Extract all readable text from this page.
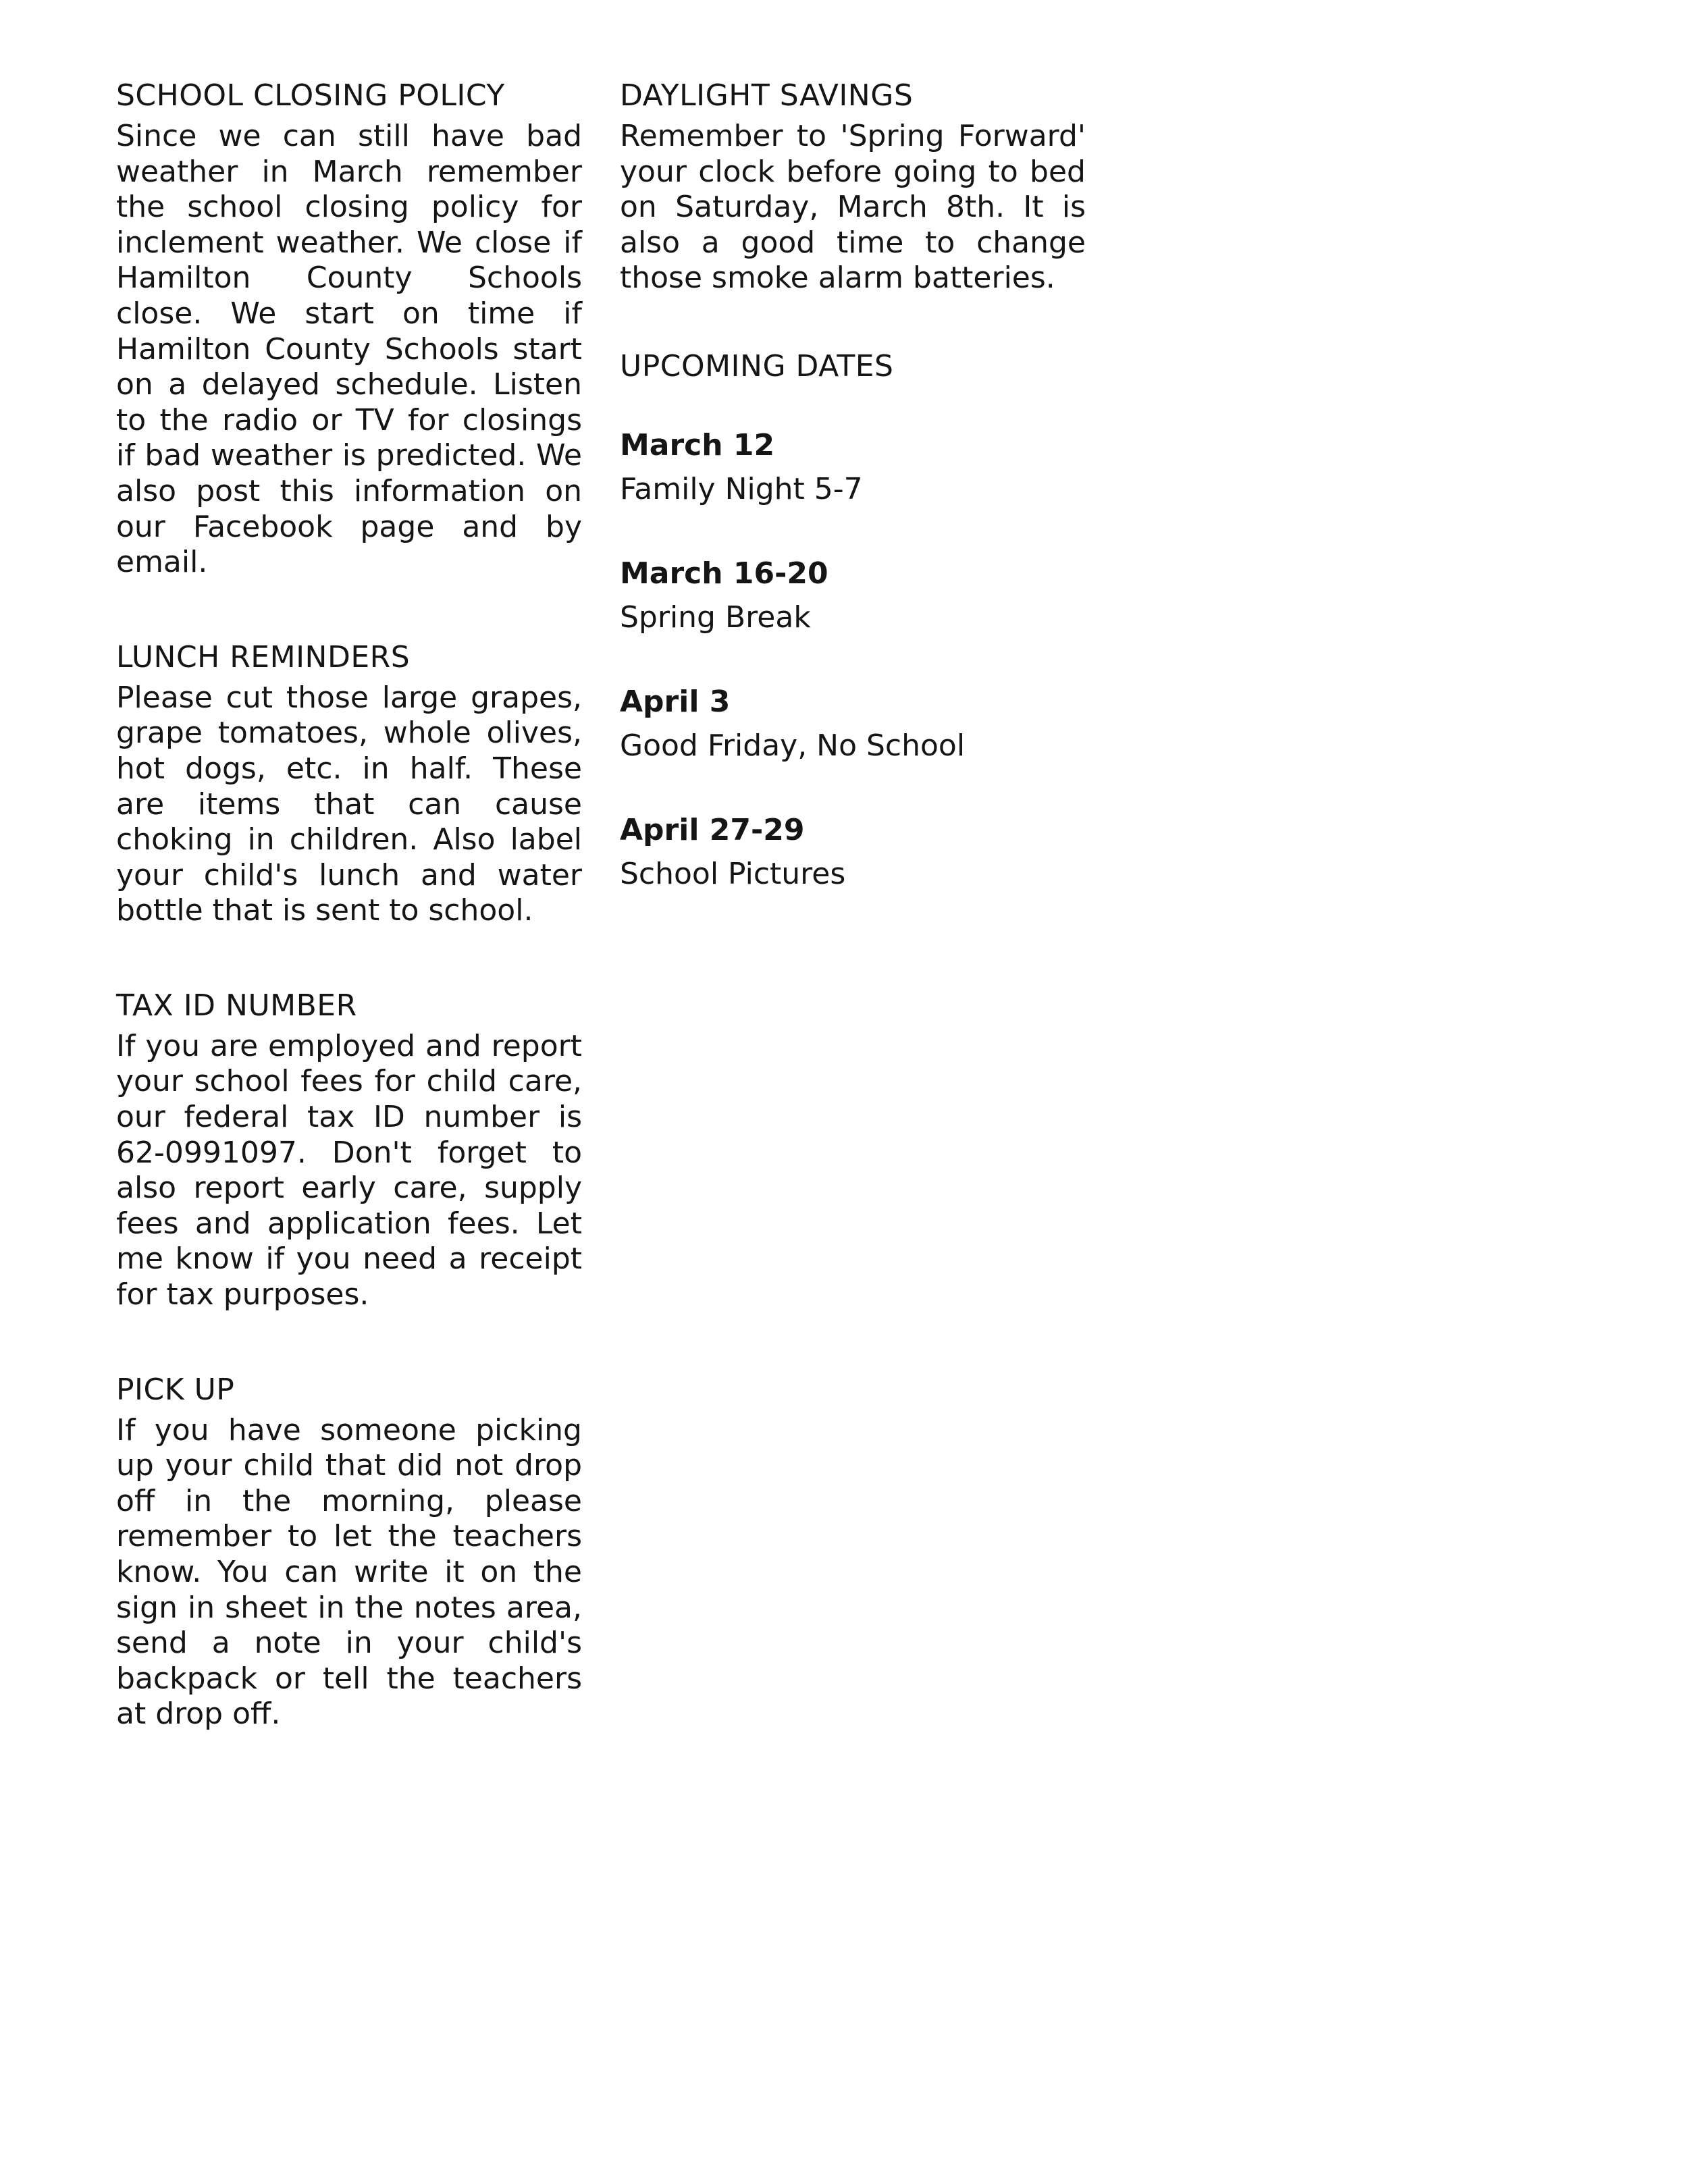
SCHOOL CLOSING POLICY

Since we can still have bad weather in March remember the school closing policy for inclement weather. We close if Hamilton County Schools close. We start on time if Hamilton County Schools start on a delayed schedule. Listen to the radio or TV for closings if bad weather is predicted. We also post this information on our Facebook page and by email.

LUNCH REMINDERS

Please cut those large grapes, grape tomatoes, whole olives, hot dogs, etc. in half. These are items that can cause choking in children. Also label your child's lunch and water bottle that is sent to school.

TAX ID NUMBER

If you are employed and report your school fees for child care, our federal tax ID number is 62-0991097. Don't forget to also report early care, supply fees and application fees. Let me know if you need a receipt for tax purposes.

PICK UP

If you have someone picking up your child that did not drop off in the morning, please remember to let the teachers know. You can write it on the sign in sheet in the notes area, send a note in your child's backpack or tell the teachers at drop off.

DAYLIGHT SAVINGS

Remember to 'Spring Forward' your clock before going to bed on Saturday, March 8th. It is also a good time to change those smoke alarm batteries.

UPCOMING DATES

March 12

Family Night 5-7

March 16-20

Spring Break

April 3

Good Friday, No School

April 27-29

School Pictures
